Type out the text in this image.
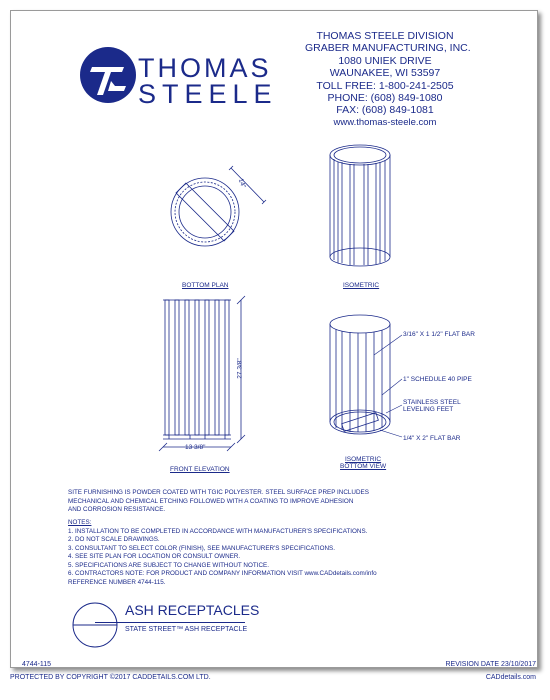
THOMAS
STEELE
THOMAS STEELE DIVISION
GRABER MANUFACTURING, INC.
1080 UNIEK DRIVE
WAUNAKEE, WI 53597
TOLL FREE: 1-800-241-2505
PHONE: (608) 849-1080
FAX: (608) 849-1081
www.thomas-steele.com
14"
BOTTOM PLAN	ISOMETRIC
27 3/8"
13 3/8"
FRONT ELEVATION
ISOMETRIC
BOTTOM VIEW
3/16" X 1 1/2" FLAT BAR
1" SCHEDULE 40 PIPE
STAINLESS STEEL
LEVELING FEET
1/4" X 2" FLAT BAR
SITE FURNISHING IS POWDER COATED WITH TGIC POLYESTER. STEEL SURFACE PREP INCLUDES
MECHANICAL AND CHEMICAL ETCHING FOLLOWED WITH A COATING TO IMPROVE ADHESION
AND CORROSION RESISTANCE.
NOTES:
1. INSTALLATION TO BE COMPLETED IN ACCORDANCE WITH MANUFACTURER'S SPECIFICATIONS.
2. DO NOT SCALE DRAWINGS.
3. CONSULTANT TO SELECT COLOR (FINISH), SEE MANUFACTURER'S SPECIFICATIONS.
4. SEE SITE PLAN FOR LOCATION OR CONSULT OWNER.
5. SPECIFICATIONS ARE SUBJECT TO CHANGE WITHOUT NOTICE.
6. CONTRACTORS NOTE: FOR PRODUCT AND COMPANY INFORMATION VISIT www.CADdetails.com/info
REFERENCE NUMBER 4744-115.
ASH RECEPTACLES
STATE STREET™ ASH RECEPTACLE
4744-115	REVISION DATE 23/10/2017
PROTECTED BY COPYRIGHT ©2017 CADDETAILS.COM LTD.	CADdetails.com
